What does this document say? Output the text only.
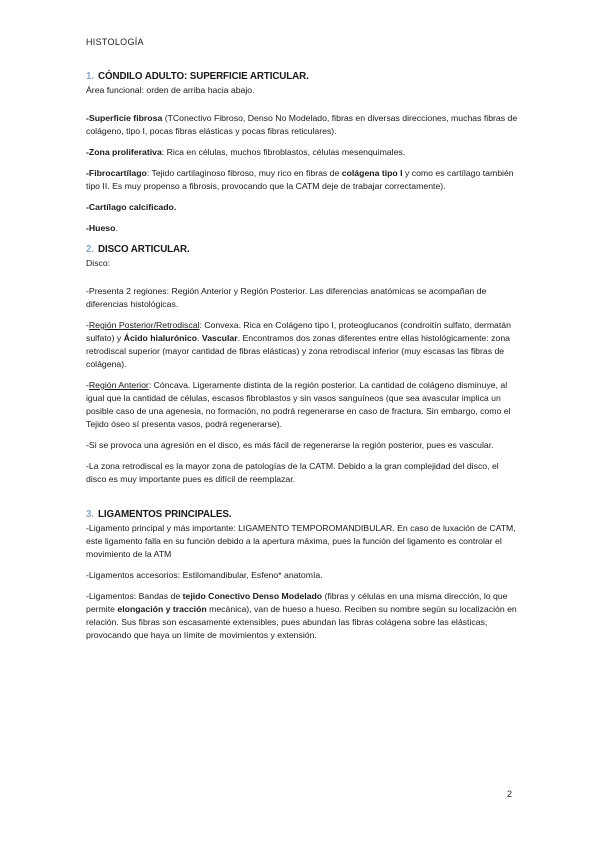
HISTOLOGÍA
1. CÓNDILO ADULTO: SUPERFICIE ARTICULAR.

Área funcional: orden de arriba hacia abajo.

-Superficie fibrosa (TConectivo Fibroso, Denso No Modelado, fibras en diversas direcciones, muchas fibras de colágeno, tipo I, pocas fibras elásticas y pocas fibras reticulares).

-Zona proliferativa: Rica en células, muchos fibroblastos, células mesenquimales.

-Fibrocartílago: Tejido cartilaginoso fibroso, muy rico en fibras de colágena tipo I y como es cartílago también tipo II. Es muy propenso a fibrosis, provocando que la CATM deje de trabajar correctamente).

-Cartílago calcificado.

-Hueso.

2. DISCO ARTICULAR.

Disco:

-Presenta 2 regiones: Región Anterior y Región Posterior. Las diferencias anatómicas se acompañan de diferencias histológicas.

-Región Posterior/Retrodiscal: Convexa. Rica en Colágeno tipo I, proteoglucanos (condroitín sulfato, dermatán sulfato) y Ácido hialurónico. Vascular. Encontramos dos zonas diferentes entre ellas histológicamente: zona retrodiscal superior (mayor cantidad de fibras elásticas) y zona retrodiscal inferior (muy escasas las fibras de colágena).

-Región Anterior: Cóncava. Ligeramente distinta de la región posterior. La cantidad de colágeno disminuye, al igual que la cantidad de células, escasos fibroblastos y sin vasos sanguíneos (que sea avascular implica un posible caso de una agenesia, no formación, no podrá regenerarse en caso de fractura. Sin embargo, como el Tejido óseo sí presenta vasos, podrá regenerarse).

-Si se provoca una agresión en el disco, es más fácil de regenerarse la región posterior, pues es vascular.

-La zona retrodiscal es la mayor zona de patologías de la CATM. Debido a la gran complejidad del disco, el disco es muy importante pues es difícil de reemplazar.

3. LIGAMENTOS PRINCIPALES.

-Ligamento principal y más importante: LIGAMENTO TEMPOROMANDIBULAR. En caso de luxación de CATM, este ligamento falla en su función debido a la apertura máxima, pues la función del ligamento es controlar el movimiento de la ATM

-Ligamentos accesorios: Estilomandibular, Esfeno* anatomía.

-Ligamentos: Bandas de tejido Conectivo Denso Modelado (fibras y células en una misma dirección, lo que permite elongación y tracción mecánica), van de hueso a hueso. Reciben su nombre según su localización en relación. Sus fibras son escasamente extensibles, pues abundan las fibras colágena sobre las elásticas, provocando que haya un límite de movimientos y extensión.

2
